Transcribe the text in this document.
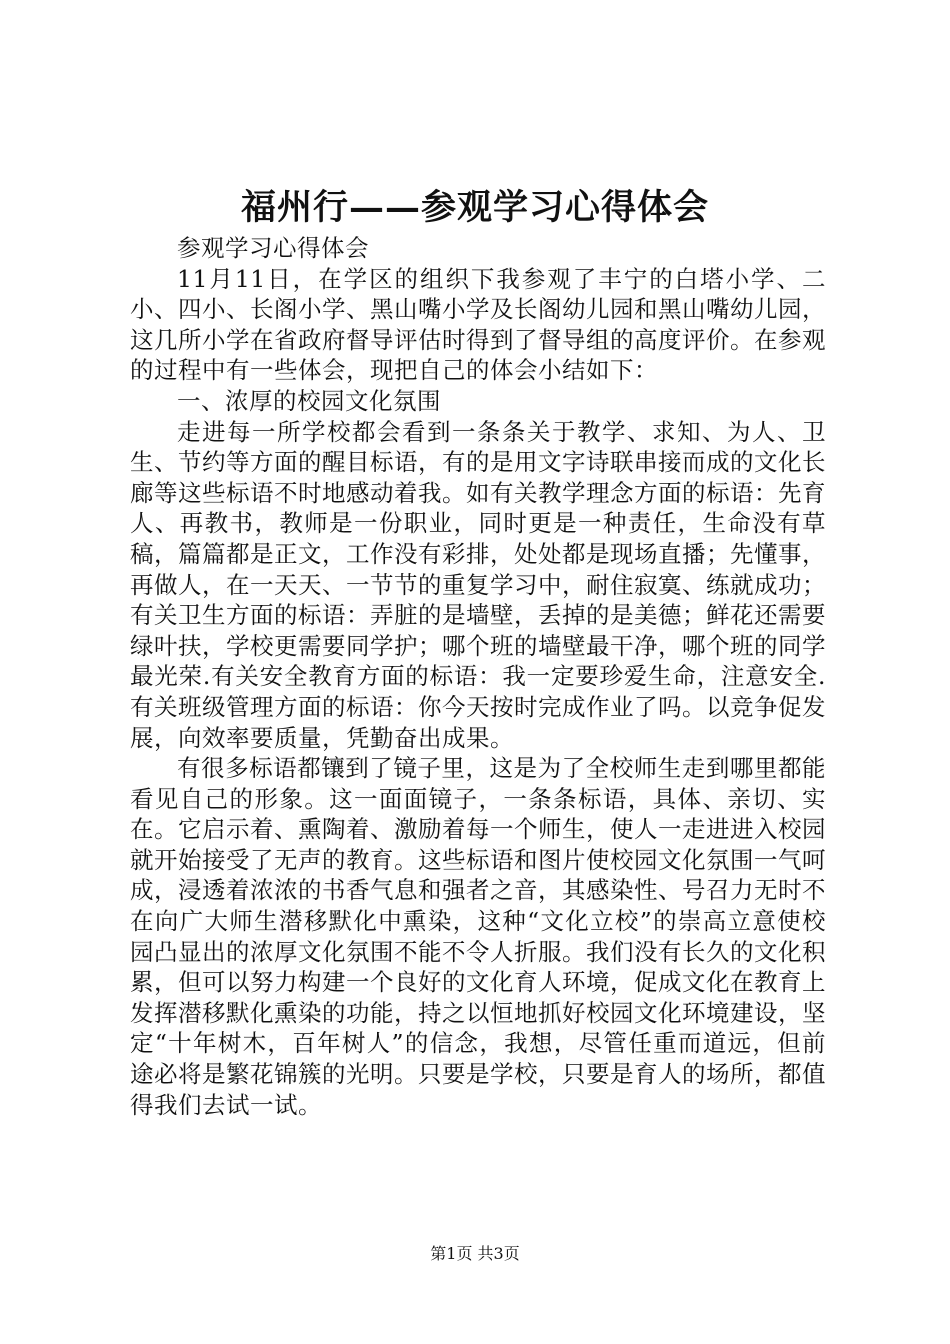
福州行——参观学习心得体会

参观学习心得体会

11月11日，在学区的组织下我参观了丰宁的白塔小学、二小、四小、长阁小学、黑山嘴小学及长阁幼儿园和黑山嘴幼儿园，这几所小学在省政府督导评估时得到了督导组的高度评价。在参观的过程中有一些体会，现把自己的体会小结如下：

一、浓厚的校园文化氛围

走进每一所学校都会看到一条条关于教学、求知、为人、卫生、节约等方面的醒目标语，有的是用文字诗联串接而成的文化长廊等这些标语不时地感动着我。如有关教学理念方面的标语：先育人、再教书，教师是一份职业，同时更是一种责任，生命没有草稿，篇篇都是正文，工作没有彩排，处处都是现场直播；先懂事，再做人，在一天天、一节节的重复学习中，耐住寂寞、练就成功；有关卫生方面的标语：弄脏的是墙壁，丢掉的是美德；鲜花还需要绿叶扶，学校更需要同学护；哪个班的墙壁最干净，哪个班的同学最光荣.有关安全教育方面的标语：我一定要珍爱生命，注意安全.有关班级管理方面的标语：你今天按时完成作业了吗。以竞争促发展，向效率要质量，凭勤奋出成果。

有很多标语都镶到了镜子里，这是为了全校师生走到哪里都能看见自己的形象。这一面面镜子，一条条标语，具体、亲切、实在。它启示着、熏陶着、激励着每一个师生，使人一走进进入校园就开始接受了无声的教育。这些标语和图片使校园文化氛围一气呵成，浸透着浓浓的书香气息和强者之音，其感染性、号召力无时不在向广大师生潜移默化中熏染，这种“文化立校”的崇高立意使校园凸显出的浓厚文化氛围不能不令人折服。我们没有长久的文化积累，但可以努力构建一个良好的文化育人环境，促成文化在教育上发挥潜移默化熏染的功能，持之以恒地抓好校园文化环境建设，坚定“十年树木，百年树人”的信念，我想，尽管任重而道远，但前途必将是繁花锦簇的光明。只要是学校，只要是育人的场所，都值得我们去试一试。

第1页 共3页
